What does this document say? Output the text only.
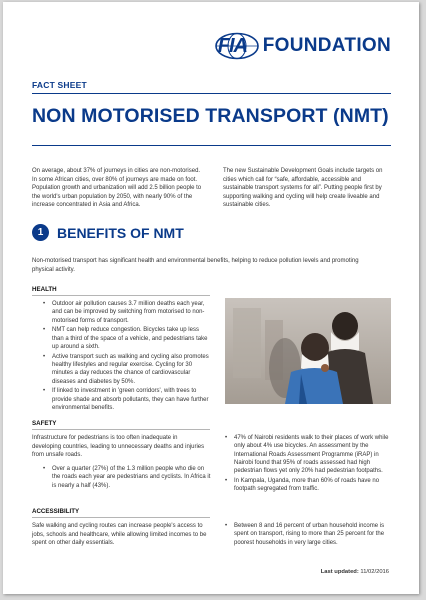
FIA FOUNDATION
FACT SHEET
NON MOTORISED TRANSPORT (NMT)
On average, about 37% of journeys in cities are non-motorised. In some African cities, over 80% of journeys are made on foot. Population growth and urbanization will add 2.5 billion people to the world's urban population by 2050, with nearly 90% of the increase concentrated in Asia and Africa.
The new Sustainable Development Goals include targets on cities which call for “safe, affordable, accessible and sustainable transport systems for all”. Putting people first by supporting walking and cycling will help create liveable and sustainable cities.
1 BENEFITS OF NMT
Non-motorised transport has significant health and environmental benefits, helping to reduce pollution levels and promoting physical activity.
HEALTH
• Outdoor air pollution causes 3.7 million deaths each year, and can be improved by switching from motorised to non-motorised forms of transport.
• NMT can help reduce congestion. Bicycles take up less than a third of the space of a vehicle, and pedestrians take up around a sixth.
• Active transport such as walking and cycling also promotes healthy lifestyles and regular exercise. Cycling for 30 minutes a day reduces the chance of cardiovascular diseases and diabetes by 50%.
• If linked to investment in 'green corridors', with trees to provide shade and absorb pollutants, they can have further environmental benefits.
SAFETY
Infrastructure for pedestrians is too often inadequate in developing countries, leading to unnecessary deaths and injuries from unsafe roads.
• Over a quarter (27%) of the 1.3 million people who die on the roads each year are pedestrians and cyclists. In Africa it is nearly a half (43%).
• 47% of Nairobi residents walk to their places of work while only about 4% use bicycles. An assessment by the International Roads Assessment Programme (iRAP) in Nairobi found that 95% of roads assessed had high pedestrian flows yet only 20% had pedestrian footpaths.
• In Kampala, Uganda, more than 60% of roads have no footpath segregated from traffic.
ACCESSIBILITY
Safe walking and cycling routes can increase people's access to jobs, schools and healthcare, while allowing limited incomes to be spent on other daily essentials.
• Between 8 and 16 percent of urban household income is spent on transport, rising to more than 25 percent for the poorest households in very large cities.
Last updated: 11/02/2016
